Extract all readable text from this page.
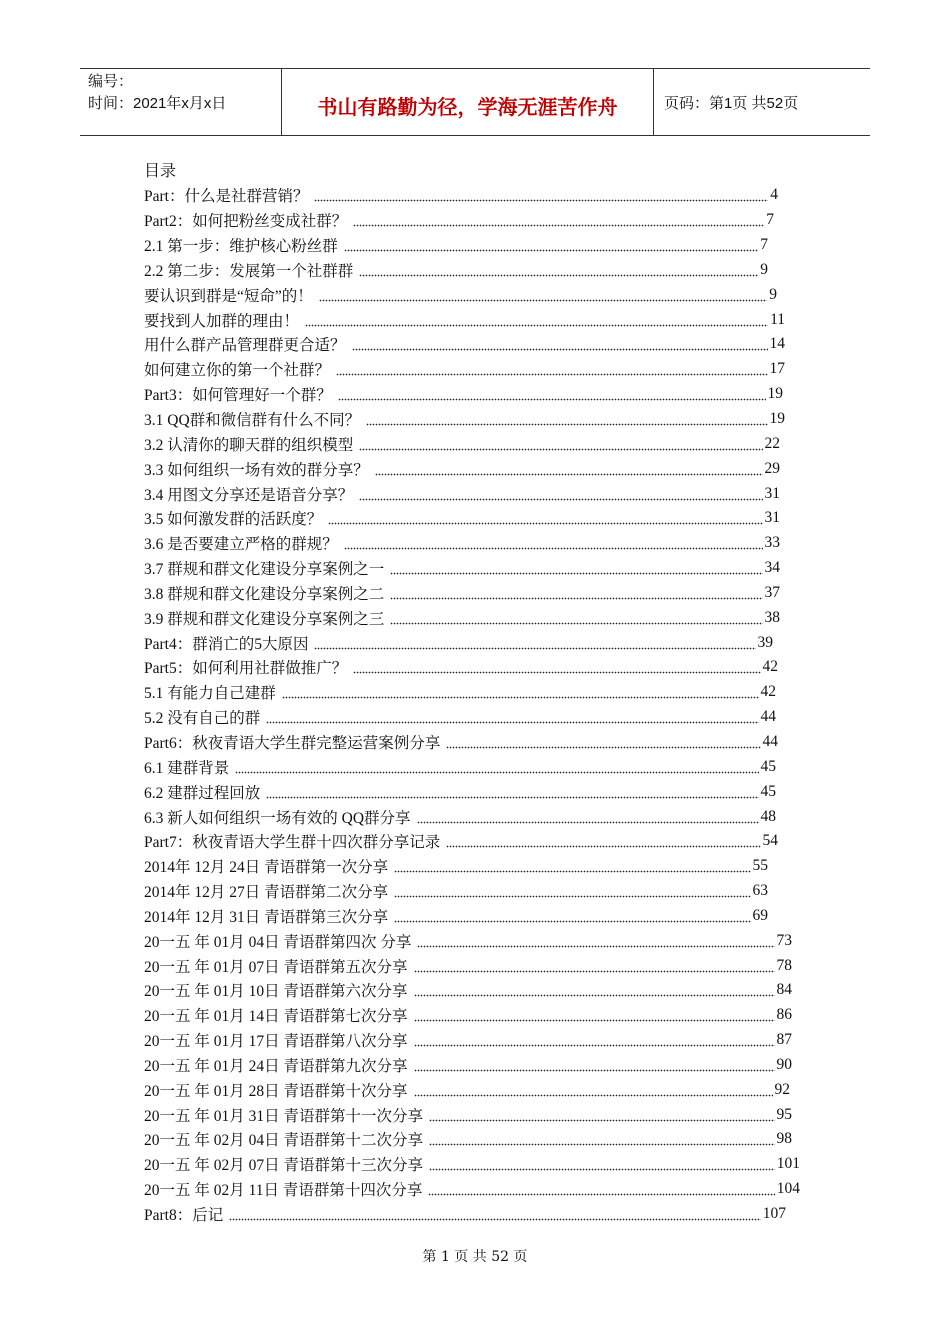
编号：
时间：2021年x月x日	书山有路勤为径，学海无涯苦作舟	页码：第1页 共52页
目录
Part：什么是社群营销？	4
Part2：如何把粉丝变成社群？	7
2.1 第一步：维护核心粉丝群	7
2.2 第二步：发展第一个社群群	9
要认识到群是“短命”的！	9
要找到人加群的理由！	11
用什么群产品管理群更合适？	14
如何建立你的第一个社群？	17
Part3：如何管理好一个群？	19
3.1 QQ群和微信群有什么不同？	19
3.2 认清你的聊天群的组织模型	22
3.3 如何组织一场有效的群分享？	29
3.4 用图文分享还是语音分享？	31
3.5 如何激发群的活跃度？	31
3.6 是否要建立严格的群规？	33
3.7 群规和群文化建设分享案例之一	34
3.8 群规和群文化建设分享案例之二	37
3.9 群规和群文化建设分享案例之三	38
Part4：群消亡的5大原因	39
Part5：如何利用社群做推广？	42
5.1 有能力自己建群	42
5.2 没有自己的群	44
Part6：秋夜青语大学生群完整运营案例分享	44
6.1 建群背景	45
6.2 建群过程回放	45
6.3 新人如何组织一场有效的 QQ群分享	48
Part7：秋夜青语大学生群十四次群分享记录	54
2014年 12月 24日 青语群第一次分享	55
2014年 12月 27日 青语群第二次分享	63
2014年 12月 31日 青语群第三次分享	69
20一五 年 01月 04日 青语群第四次 分享	73
20一五 年 01月 07日 青语群第五次分享	78
20一五 年 01月 10日 青语群第六次分享	84
20一五 年 01月 14日 青语群第七次分享	86
20一五 年 01月 17日 青语群第八次分享	87
20一五 年 01月 24日 青语群第九次分享	90
20一五 年 01月 28日 青语群第十次分享	92
20一五 年 01月 31日 青语群第十一次分享	95
20一五 年 02月 04日 青语群第十二次分享	98
20一五 年 02月 07日 青语群第十三次分享	101
20一五 年 02月 11日 青语群第十四次分享	104
Part8：后记	107
第 1 页 共 52 页
